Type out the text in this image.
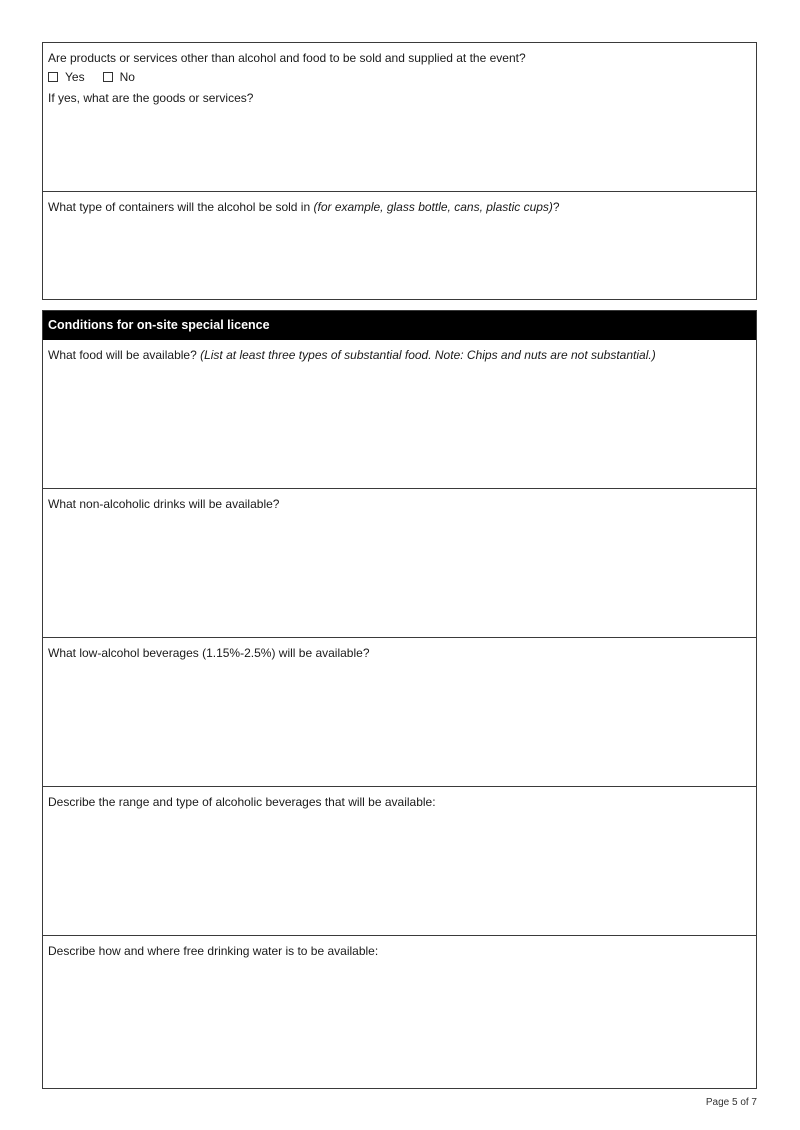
Are products or services other than alcohol and food to be sold and supplied at the event?
Yes	No
If yes, what are the goods or services?
What type of containers will the alcohol be sold in (for example, glass bottle, cans, plastic cups)?
Conditions for on-site special licence
What food will be available? (List at least three types of substantial food. Note: Chips and nuts are not substantial.)
What non-alcoholic drinks will be available?
What low-alcohol beverages (1.15%-2.5%) will be available?
Describe the range and type of alcoholic beverages that will be available:
Describe how and where free drinking water is to be available:
Page 5 of 7
